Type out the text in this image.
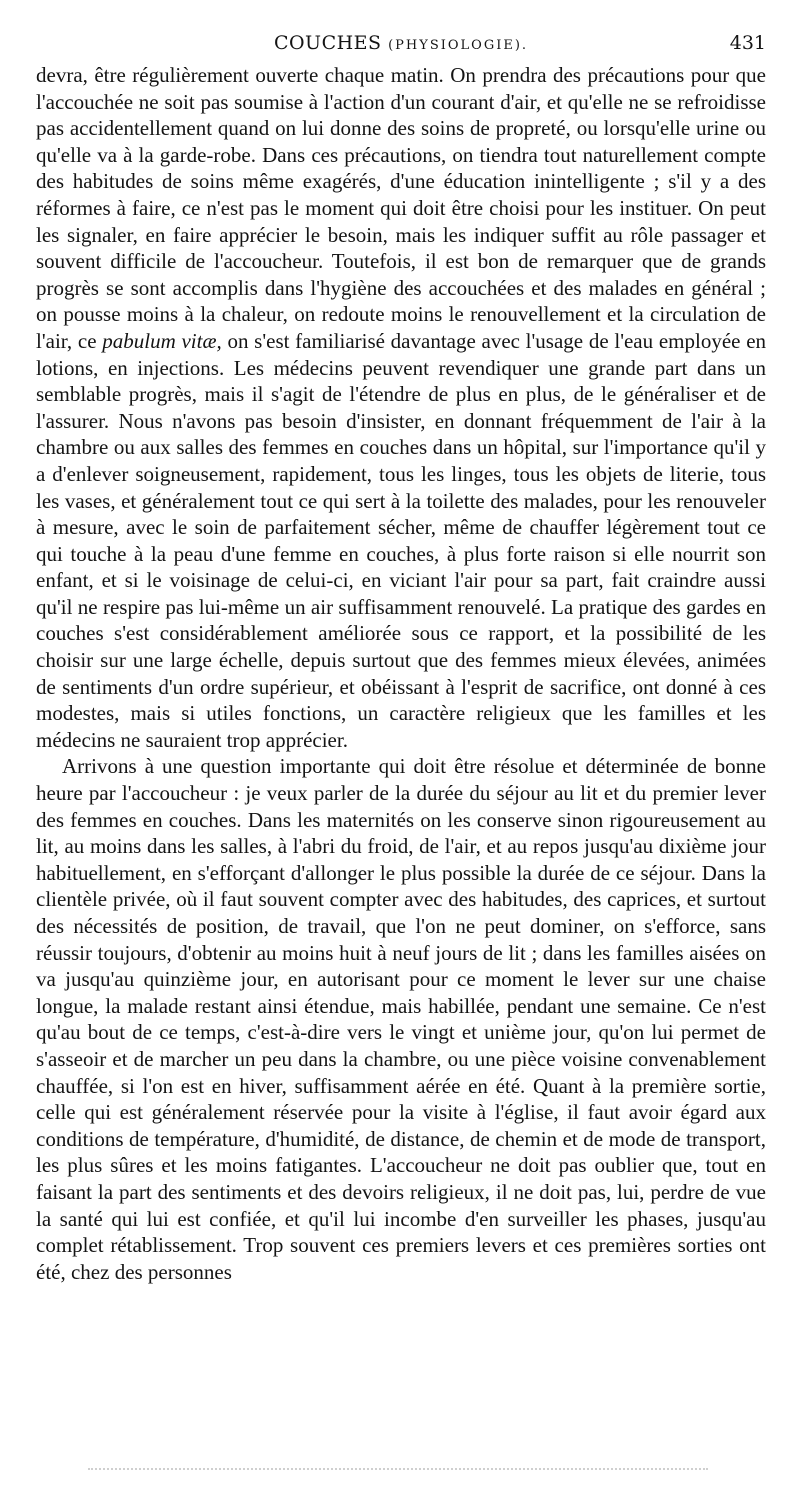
COUCHES (PHYSIOLOGIE).	431

devra, être régulièrement ouverte chaque matin. On prendra des précautions pour que l'accouchée ne soit pas soumise à l'action d'un courant d'air, et qu'elle ne se refroidisse pas accidentellement quand on lui donne des soins de propreté, ou lorsqu'elle urine ou qu'elle va à la garde-robe. Dans ces précautions, on tiendra tout naturellement compte des habitudes de soins même exagérés, d'une éducation inintelligente ; s'il y a des réformes à faire, ce n'est pas le moment qui doit être choisi pour les instituer. On peut les signaler, en faire apprécier le besoin, mais les indiquer suffit au rôle passager et souvent difficile de l'accoucheur. Toutefois, il est bon de remarquer que de grands progrès se sont accomplis dans l'hygiène des accouchées et des malades en général ; on pousse moins à la chaleur, on redoute moins le renouvellement et la circulation de l'air, ce pabulum vitæ, on s'est familiarisé davantage avec l'usage de l'eau employée en lotions, en injections. Les médecins peuvent revendiquer une grande part dans un semblable progrès, mais il s'agit de l'étendre de plus en plus, de le généraliser et de l'assurer. Nous n'avons pas besoin d'insister, en donnant fréquemment de l'air à la chambre ou aux salles des femmes en couches dans un hôpital, sur l'importance qu'il y a d'enlever soigneusement, rapidement, tous les linges, tous les objets de literie, tous les vases, et généralement tout ce qui sert à la toilette des malades, pour les renouveler à mesure, avec le soin de parfaitement sécher, même de chauffer légèrement tout ce qui touche à la peau d'une femme en couches, à plus forte raison si elle nourrit son enfant, et si le voisinage de celui-ci, en viciant l'air pour sa part, fait craindre aussi qu'il ne respire pas lui-même un air suffisamment renouvelé. La pratique des gardes en couches s'est considérablement améliorée sous ce rapport, et la possibilité de les choisir sur une large échelle, depuis surtout que des femmes mieux élevées, animées de sentiments d'un ordre supérieur, et obéissant à l'esprit de sacrifice, ont donné à ces modestes, mais si utiles fonctions, un caractère religieux que les familles et les médecins ne sauraient trop apprécier.

Arrivons à une question importante qui doit être résolue et déterminée de bonne heure par l'accoucheur : je veux parler de la durée du séjour au lit et du premier lever des femmes en couches. Dans les maternités on les conserve sinon rigoureusement au lit, au moins dans les salles, à l'abri du froid, de l'air, et au repos jusqu'au dixième jour habituellement, en s'efforçant d'allonger le plus possible la durée de ce séjour. Dans la clientèle privée, où il faut souvent compter avec des habitudes, des caprices, et surtout des nécessités de position, de travail, que l'on ne peut dominer, on s'efforce, sans réussir toujours, d'obtenir au moins huit à neuf jours de lit ; dans les familles aisées on va jusqu'au quinzième jour, en autorisant pour ce moment le lever sur une chaise longue, la malade restant ainsi étendue, mais habillée, pendant une semaine. Ce n'est qu'au bout de ce temps, c'est-à-dire vers le vingt et unième jour, qu'on lui permet de s'asseoir et de marcher un peu dans la chambre, ou une pièce voisine convenablement chauffée, si l'on est en hiver, suffisamment aérée en été. Quant à la première sortie, celle qui est généralement réservée pour la visite à l'église, il faut avoir égard aux conditions de température, d'humidité, de distance, de chemin et de mode de transport, les plus sûres et les moins fatigantes. L'accoucheur ne doit pas oublier que, tout en faisant la part des sentiments et des devoirs religieux, il ne doit pas, lui, perdre de vue la santé qui lui est confiée, et qu'il lui incombe d'en surveiller les phases, jusqu'au complet rétablissement. Trop souvent ces premiers levers et ces premières sorties ont été, chez des personnes
